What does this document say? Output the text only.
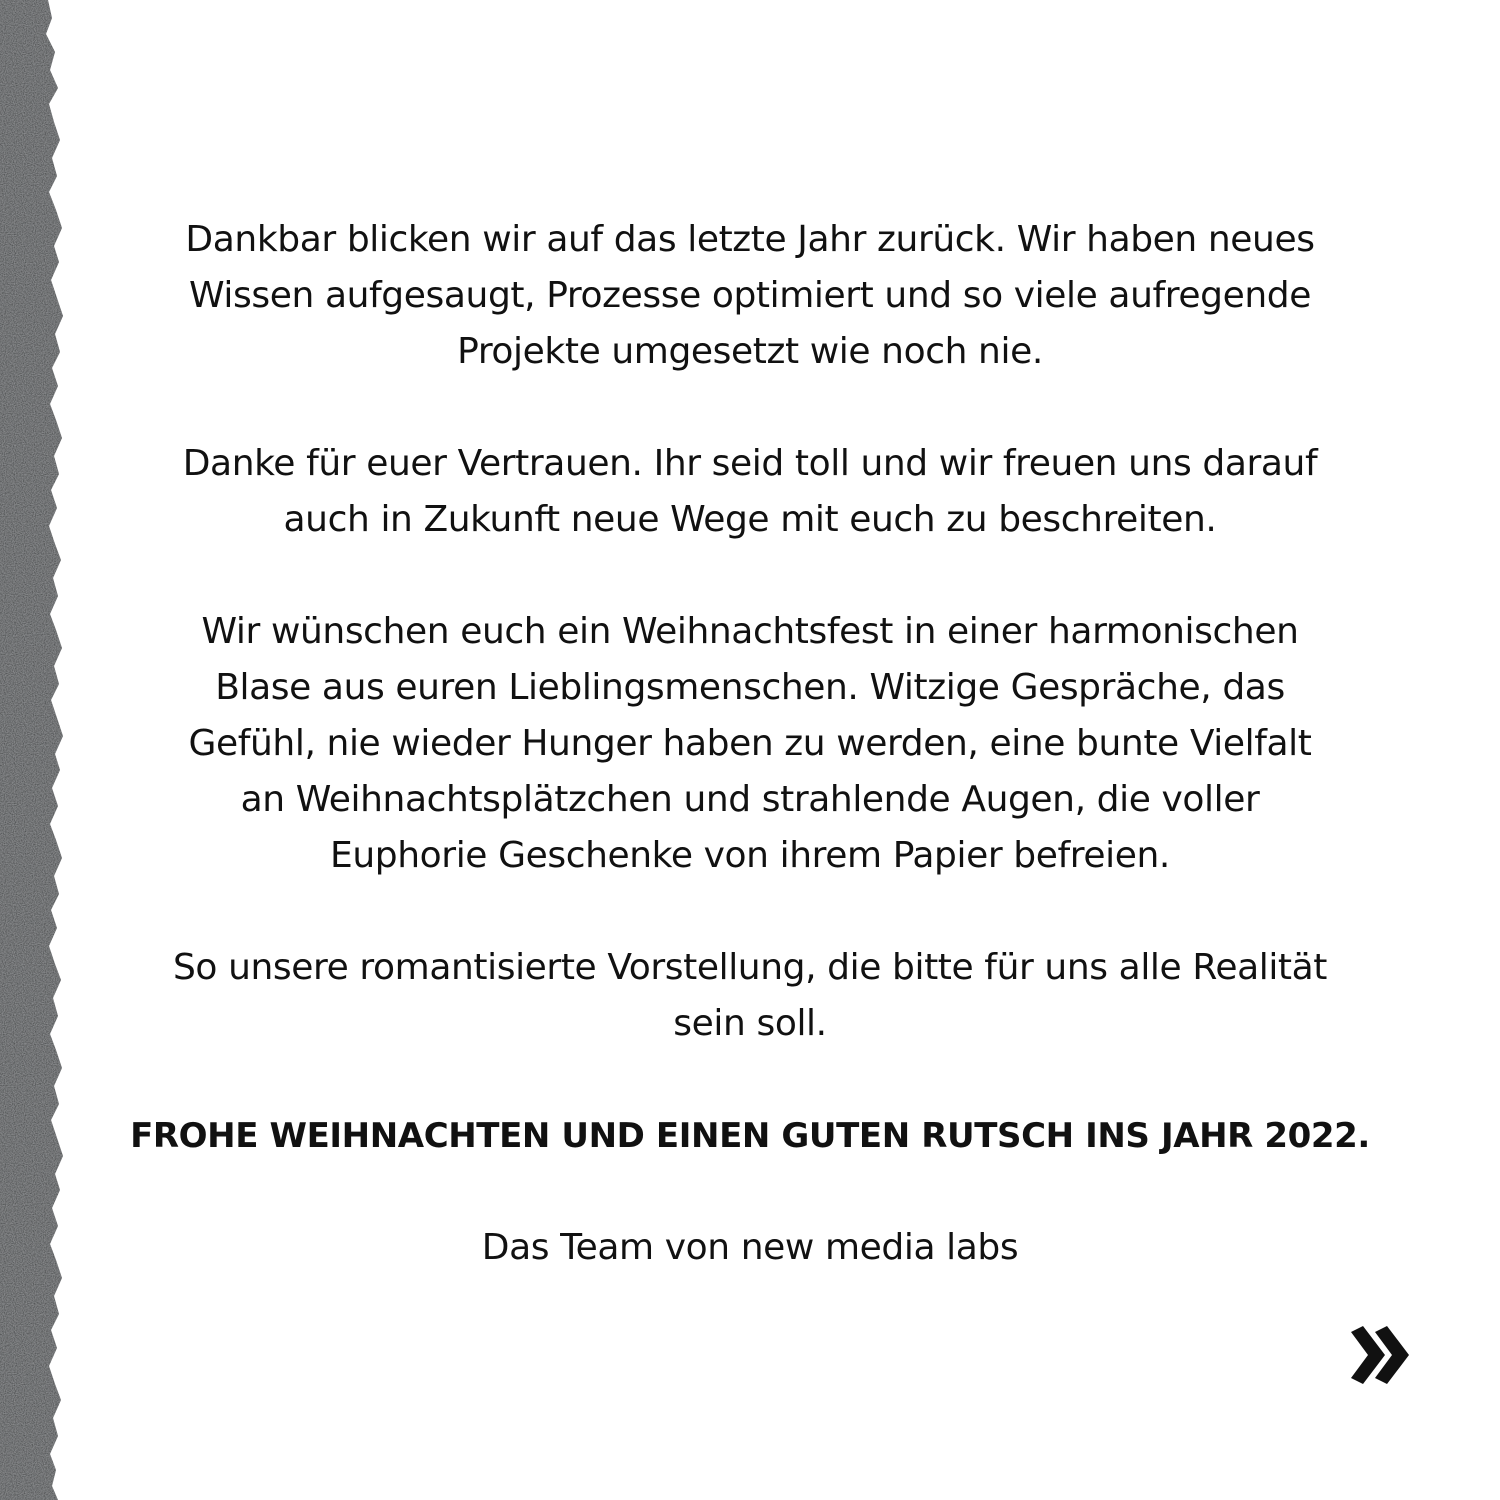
Dankbar blicken wir auf das letzte Jahr zurück. Wir haben neues
Wissen aufgesaugt, Prozesse optimiert und so viele aufregende
Projekte umgesetzt wie noch nie.

Danke für euer Vertrauen. Ihr seid toll und wir freuen uns darauf
auch in Zukunft neue Wege mit euch zu beschreiten.

Wir wünschen euch ein Weihnachtsfest in einer harmonischen
Blase aus euren Lieblingsmenschen. Witzige Gespräche, das
Gefühl, nie wieder Hunger haben zu werden, eine bunte Vielfalt
an Weihnachtsplätzchen und strahlende Augen, die voller
Euphorie Geschenke von ihrem Papier befreien.

So unsere romantisierte Vorstellung, die bitte für uns alle Realität
sein soll.

FROHE WEIHNACHTEN UND EINEN GUTEN RUTSCH INS JAHR 2022.

Das Team von new media labs
